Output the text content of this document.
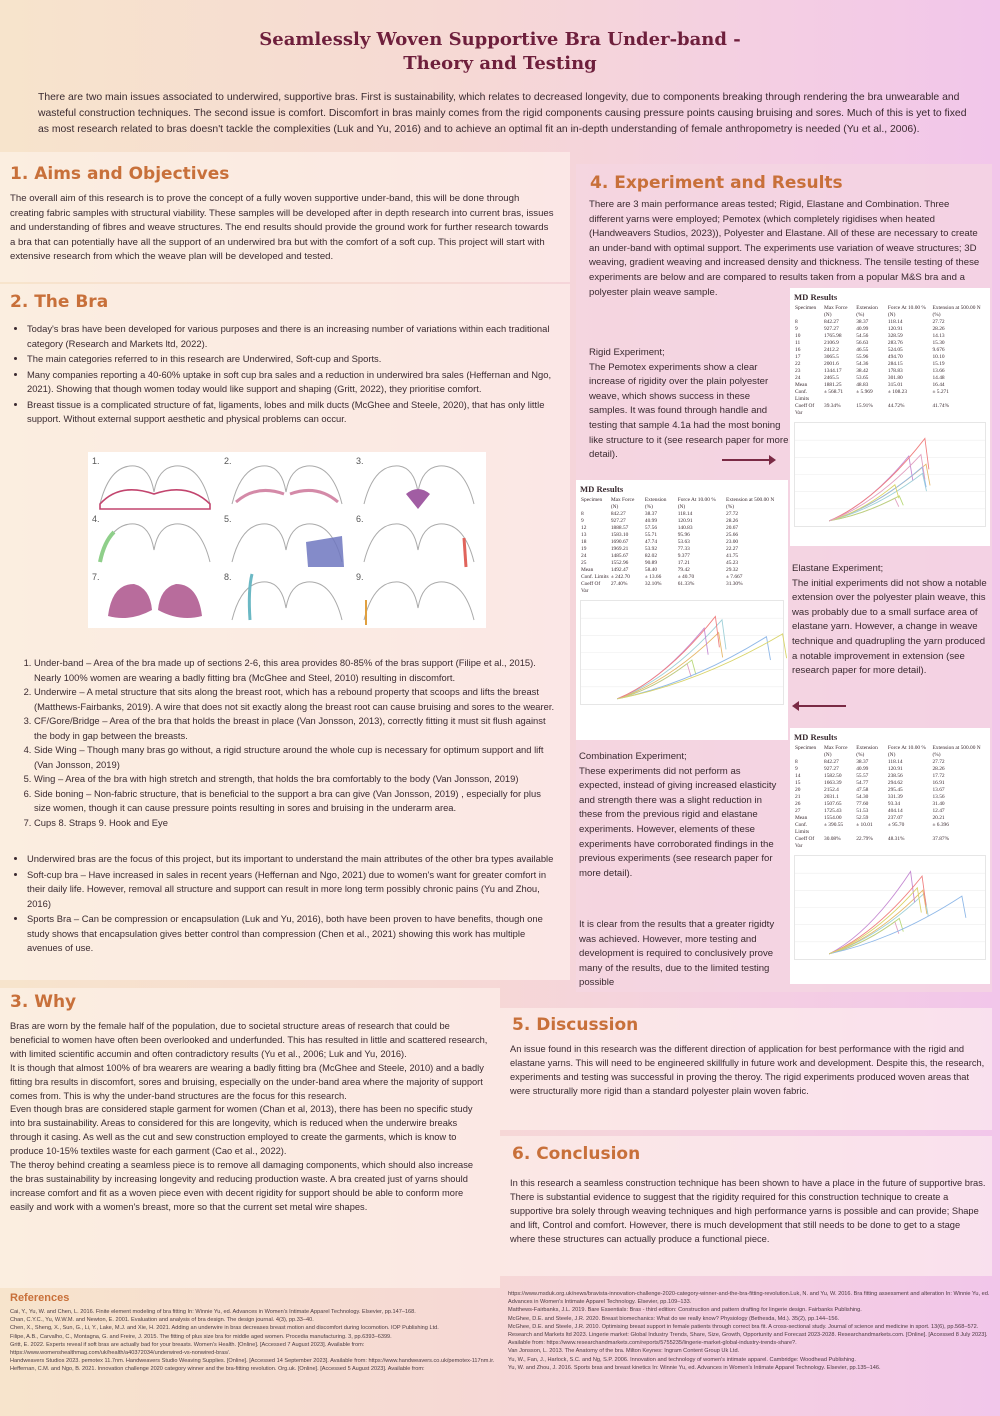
Seamlessly Woven Supportive Bra Under-band -
Theory and Testing
There are two main issues associated to underwired, supportive bras. First is sustainability, which relates to decreased longevity, due to components breaking through rendering the bra unwearable and wasteful construction techniques. The second issue is comfort. Discomfort in bras mainly comes from the rigid components causing pressure points causing bruising and sores. Much of this is yet to fixed as most research related to bras doesn't tackle the complexities (Luk and Yu, 2016) and to achieve an optimal fit an in-depth understanding of female anthropometry is needed (Yu et al., 2006).
1. Aims and Objectives
The overall aim of this research is to prove the concept of a fully woven supportive under-band, this will be done through creating fabric samples with structural viability. These samples will be developed after in depth research into current bras, issues and understanding of fibres and weave structures. The end results should provide the ground work for further research towards a bra that can potentially have all the support of an underwired bra but with the comfort of a soft cup. This project will start with extensive research from which the weave plan will be developed and tested.
2. The Bra
• Today's bras have been developed for various purposes and there is an increasing number of variations within each traditional category (Research and Markets ltd, 2022).
• The main categories referred to in this research are Underwired, Soft-cup and Sports.
• Many companies reporting a 40-60% uptake in soft cup bra sales and a reduction in underwired bra sales (Heffernan and Ngo, 2021). Showing that though women today would like support and shaping (Gritt, 2022), they prioritise comfort.
• Breast tissue is a complicated structure of fat, ligaments, lobes and milk ducts (McGhee and Steele, 2020), that has only little support. Without external support aesthetic and physical problems can occur.
1.	2.	3.
4.	5.	6.
7.	8.	9.
1. Under-band – Area of the bra made up of sections 2-6, this area provides 80-85% of the bras support (Filipe et al., 2015). Nearly 100% women are wearing a badly fitting bra (McGhee and Steel, 2010) resulting in discomfort.
2. Underwire – A metal structure that sits along the breast root, which has a rebound property that scoops and lifts the breast (Matthews-Fairbanks, 2019). A wire that does not sit exactly along the breast root can cause bruising and sores to the wearer.
3. CF/Gore/Bridge – Area of the bra that holds the breast in place (Van Jonsson, 2013), correctly fitting it must sit flush against the body in gap between the breasts.
4. Side Wing – Though many bras go without, a rigid structure around the whole cup is necessary for optimum support and lift (Van Jonsson, 2019)
5. Wing – Area of the bra with high stretch and strength, that holds the bra comfortably to the body (Van Jonsson, 2019)
6. Side boning – Non-fabric structure, that is beneficial to the support a bra can give (Van Jonsson, 2019) , especially for plus size women, though it can cause pressure points resulting in sores and bruising in the underarm area.
7. Cups 8. Straps 9. Hook and Eye
• Underwired bras are the focus of this project, but its important to understand the main attributes of the other bra types available
• Soft-cup bra – Have increased in sales in recent years (Heffernan and Ngo, 2021) due to women's want for greater comfort in their daily life. However, removal all structure and support can result in more long term possibly chronic pains (Yu and Zhou, 2016)
• Sports Bra – Can be compression or encapsulation (Luk and Yu, 2016), both have been proven to have benefits, though one study shows that encapsulation gives better control than compression (Chen et al., 2021) showing this work has multiple avenues of use.
3. Why
Bras are worn by the female half of the population, due to societal structure areas of research that could be beneficial to women have often been overlooked and underfunded. This has resulted in little and scattered research, with limited scientific accumin and often contradictory results (Yu et al., 2006; Luk and Yu, 2016).
It is though that almost 100% of bra wearers are wearing a badly fitting bra (McGhee and Steele, 2010) and a badly fitting bra results in discomfort, sores and bruising, especially on the under-band area where the majority of support comes from. This is why the under-band structures are the focus for this research.
Even though bras are considered staple garment for women (Chan et al, 2013), there has been no specific study into bra sustainability. Areas to considered for this are longevity, which is reduced when the underwire breaks through it casing. As well as the cut and sew construction employed to create the garments, which is know to produce 10-15% textiles waste for each garment (Cao et al., 2022).
The theroy behind creating a seamless piece is to remove all damaging components, which should also increase the bras sustainability by increasing longevity and reducing production waste. A bra created just of yarns should increase comfort and fit as a woven piece even with decent rigidity for support should be able to conform more easily and work with a women's breast, more so that the current set metal wire shapes.
4. Experiment and Results
There are 3 main performance areas tested; Rigid, Elastane and Combination. Three different yarns were employed; Pemotex (which completely rigidises when heated (Handweavers Studios, 2023)), Polyester and Elastane. All of these are necessary to create an under-band with optimal support. The experiments use variation of weave structures; 3D weaving, gradient weaving and increased density and thickness. The tensile testing of these experiments are below and are compared to results taken from a popular M&S bra and a polyester plain weave sample.
Rigid Experiment;
The Pemotex experiments show a clear increase of rigidity over the plain polyester weave, which shows success in these samples. It was found through handle and testing that sample 4.1a had the most boning like structure to it (see research paper for more detail).
Elastane Experiment;
The initial experiments did not show a notable extension over the polyester plain weave, this was probably due to a small surface area of elastane yarn. However, a change in weave technique and quadrupling the yarn produced a notable improvement in extension (see research paper for more detail).
Combination Experiment;
These experiments did not perform as expected, instead of giving increased elasticity and strength there was a slight reduction in these from the previous rigid and elastane experiments. However, elements of these experiments have corroborated findings in the previous experiments (see research paper for more detail).
It is clear from the results that a greater rigidty was achieved. However, more testing and development is required to conclusively prove many of the results, due to the limited testing possible
MD Results
Specimen	Max Force (N)	Extension (%)	Force At 10.00 % (N)	Extension at 500.00 N (%)
8	842.27	38.37	118.14	27.72
9	927.27	40.99	120.91	28.26
10	1765.98	54.56	328.59	14.13
11	2106.9	56.63	283.76	15.30
16	2412.2	46.55	524.05	9.676
17	3065.5	55.96	494.70	10.10
22	2001.6	54.36	284.15	15.19
23	1344.17	38.42	178.83	13.66
24	2465.5	53.65	301.80	14.48
Mean	1881.25	48.83	315.01	16.44
Conf. Limits	± 568.71	± 5.969	± 108.23	± 5.271
Coeff Of Var	39.34%	15.91%	44.72%	41.74%
MD Results
Specimen	Max Force (N)	Extension (%)	Force At 10.00 % (N)	Extension at 500.00 N (%)
8	842.27	38.37	118.14	27.72
9	927.27	40.99	120.91	28.26
12	1888.57	57.56	140.83	20.67
13	1583.10	55.71	95.96	25.66
18	1690.67	47.74	53.63	23.00
19	1969.21	53.92	77.33	22.27
24	1485.67	82.02	9.377	41.75
25	1552.96	90.89	17.21	45.23
Mean	1492.47	58.40	79.42	29.32
Conf. Limits	± 242.70	± 13.66	± 40.70	± 7.667
Coeff Of Var	27.40%	32.10%	61.33%	31.30%
MD Results
Specimen	Max Force (N)	Extension (%)	Force At 10.00 % (N)	Extension at 500.00 N (%)
8	842.27	38.37	118.14	27.72
9	927.27	40.99	120.91	28.26
14	1582.50	55.57	238.56	17.72
15	1663.39	54.77	294.62	16.91
20	2152.4	47.58	295.45	13.67
21	2031.1	54.30	331.39	13.56
26	1507.65	77.60	93.34	31.40
27	1725.43	51.53	404.14	12.47
Mean	1554.00	52.59	237.07	20.21
Conf. Limits	± 390.55	± 10.01	± 95.70	± 6.396
Coeff Of Var	30.08%	22.79%	48.31%	37.87%
5. Discussion
An issue found in this research was the different direction of application for best performance with the rigid and elastane yarns. This will need to be engineered skillfully in future work and development. Despite this, the research, experiments and testing was successful in proving the theroy. The rigid experiments produced woven areas that were structurally more rigid than a standard polyester plain woven fabric.
6. Conclusion
In this research a seamless construction technique has been shown to have a place in the future of supportive bras. There is substantial evidence to suggest that the rigidity required for this construction technique to create a supportive bra solely through weaving techniques and high performance yarns is possible and can provide; Shape and lift, Control and comfort. However, there is much development that still needs to be done to get to a stage where these structures can actually produce a functional piece.
References
Cai, Y., Yu, W. and Chen, L. 2016. Finite element modeling of bra fitting In: Winnie Yu, ed. Advances in Women's Intimate Apparel Technology. Elsevier, pp.147–168.
Chan, C.Y.C., Yu, W.W.M. and Newton, E. 2001. Evaluation and analysis of bra design. The design journal. 4(3), pp.33–40.
Chen, X., Sheng, X., Sun, G., Li, Y., Lake, M.J. and Xie, H. 2021. Adding an underwire in bras decreases breast motion and discomfort during locomotion. IOP Publishing Ltd.
Filipe, A.B., Carvalho, C., Montagna, G. and Freire, J. 2015. The fitting of plus size bra for middle aged women. Procedia manufacturing. 3, pp.6393–6399.
Gritt, E. 2022. Experts reveal if soft bras are actually bad for your breasts. Women's Health. [Online]. [Accessed 7 August 2023]. Available from: https://www.womenshealthmag.com/uk/health/a40372034/underwired-vs-nonwired-bras/.
Handweavers Studios 2023. pemotex 11.7nm. Handweavers Studio Weaving Supplies. [Online]. [Accessed 14 September 2023]. Available from: https://www.handweavers.co.uk/pemotex-117nm.ir.
Heffernan, C.M. and Ngo, B. 2021. Innovation challenge 2020 category winner and the bra-fitting revolution. Org.uk. [Online]. [Accessed 5 August 2023]. Available from:
https://www.msduk.org.uk/news/bravista-innovation-challenge-2020-category-winner-and-the-bra-fitting-revolution.Luk, N. and Yu, W. 2016. Bra fitting assessment and alteration In: Winnie Yu, ed. Advances in Women's Intimate Apparel Technology. Elsevier, pp.109–133.
Matthews-Fairbanks, J.L. 2019. Bare Essentials: Bras - third edition: Construction and pattern drafting for lingerie design. Fairbanks Publishing.
McGhee, D.E. and Steele, J.R. 2020. Breast biomechanics: What do we really know? Physiology (Bethesda, Md.). 35(2), pp.144–156.
McGhee, D.E. and Steele, J.R. 2010. Optimising breast support in female patients through correct bra fit. A cross-sectional study. Journal of science and medicine in sport. 13(6), pp.568–572.
Research and Markets ltd 2023. Lingerie market: Global Industry Trends, Share, Size, Growth, Opportunity and Forecast 2023-2028. Researchandmarkets.com. [Online]. [Accessed 8 July 2023]. Available from: https://www.researchandmarkets.com/reports/5755235/lingerie-market-global-industry-trends-share?.
Van Jonsson, L. 2013. The Anatomy of the bra. Milton Keynes: Ingram Content Group Uk Ltd.
Yu, W., Fan, J., Harlock, S.C. and Ng, S.P. 2006. Innovation and technology of women's intimate apparel. Cambridge: Woodhead Publishing.
Yu, W. and Zhou, J. 2016. Sports bras and breast kinetics In: Winnie Yu, ed. Advances in Women's Intimate Apparel Technology. Elsevier, pp.135–146.
